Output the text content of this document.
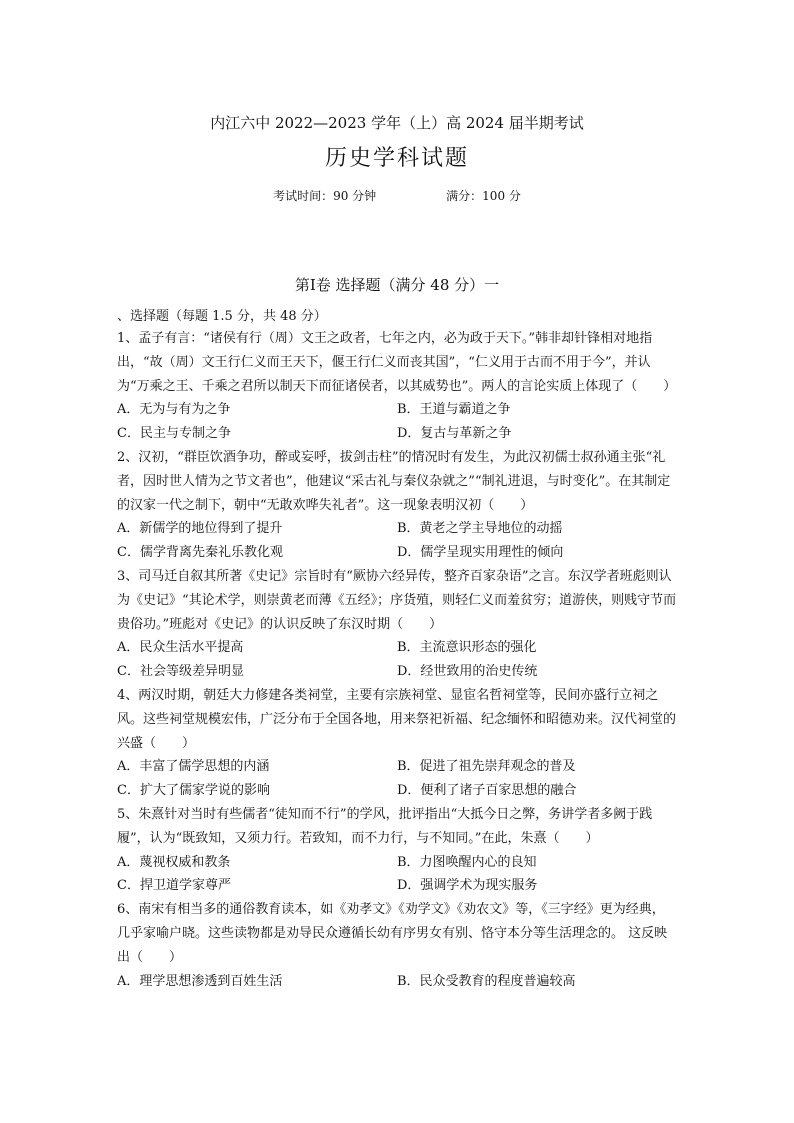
内江六中 2022—2023 学年（上）高 2024 届半期考试
历史学科试题
考试时间：90 分钟	满分：100 分
第Ⅰ卷 选择题（满分 48 分）一
、选择题（每题 1.5 分，共 48 分）

1、孟子有言：“诸侯有行（周）文王之政者，七年之内，必为政于天下。”韩非却针锋相对地指出，“故（周）文王行仁义而王天下，偃王行仁义而丧其国”，“仁义用于古而不用于今”，并认为“万乘之王、千乘之君所以制天下而征诸侯者，以其威势也”。两人的言论实质上体现了（　　）

A．无为与有为之争	B．王道与霸道之争
C．民主与专制之争	D．复古与革新之争

2、汉初，“群臣饮酒争功，醉或妄呼，拔剑击柱”的情况时有发生，为此汉初儒士叔孙通主张“礼者，因时世人情为之节文者也”，他建议“采古礼与秦仪杂就之”“制礼进退，与时变化”。在其制定的汉家一代之制下，朝中“无敢欢哗失礼者”。这一现象表明汉初（　　）

A．新儒学的地位得到了提升	B．黄老之学主导地位的动摇
C．儒学背离先秦礼乐教化观	D．儒学呈现实用理性的倾向

3、司马迁自叙其所著《史记》宗旨时有“厥协六经异传，整齐百家杂语”之言。东汉学者班彪则认为《史记》“其论术学，则崇黄老而薄《五经》；序货殖，则轻仁义而羞贫穷；道游侠，则贱守节而贵俗功。”班彪对《史记》的认识反映了东汉时期（　　）

A．民众生活水平提高	B．主流意识形态的强化
C．社会等级差异明显	D．经世致用的治史传统

4、两汉时期，朝廷大力修建各类祠堂，主要有宗族祠堂、显宦名哲祠堂等，民间亦盛行立祠之风。这些祠堂规模宏伟，广泛分布于全国各地，用来祭祀祈福、纪念缅怀和昭德劝来。汉代祠堂的兴盛（　　）

A．丰富了儒学思想的内涵	B．促进了祖先崇拜观念的普及
C．扩大了儒家学说的影响	D．便利了诸子百家思想的融合

5、朱熹针对当时有些儒者“徒知而不行”的学风，批评指出“大抵今日之弊，务讲学者多阙于践履”，认为“既致知，又须力行。若致知，而不力行，与不知同。”在此，朱熹（　　）

A．蔑视权威和教条	B．力图唤醒内心的良知
C．捍卫道学家尊严	D．强调学术为现实服务

6、南宋有相当多的通俗教育读本，如《劝孝文》《劝学文》《劝农文》等，《三字经》更为经典，几乎家喻户晓。这些读物都是劝导民众遵循长幼有序男女有别、恪守本分等生活理念的。 这反映出（　　）

A．理学思想渗透到百姓生活	B．民众受教育的程度普遍较高
